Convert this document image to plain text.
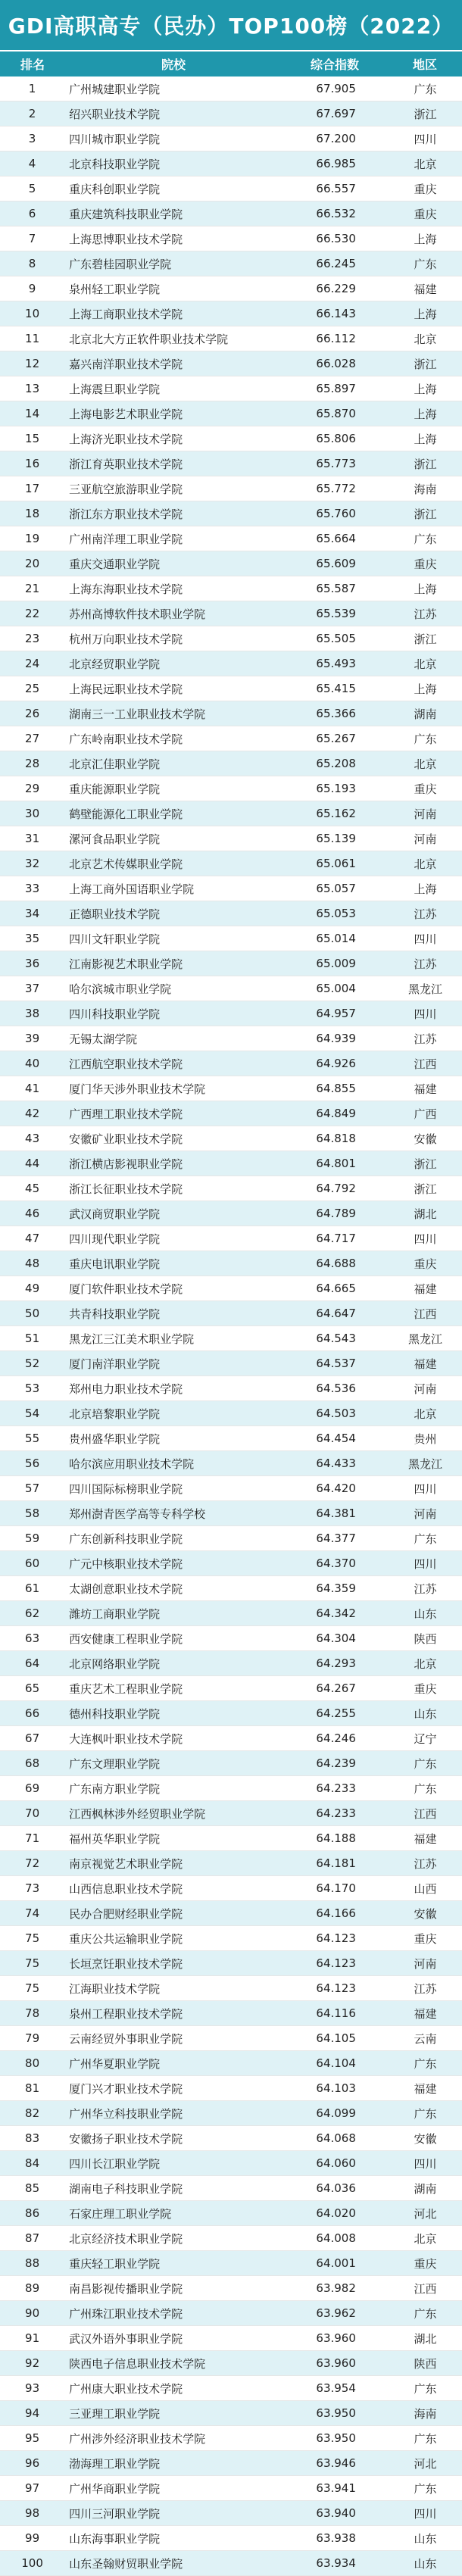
GDI高职高专（民办）TOP100榜（2022）
排名	院校	综合指数	地区
1	广州城建职业学院	67.905	广东
2	绍兴职业技术学院	67.697	浙江
3	四川城市职业学院	67.200	四川
4	北京科技职业学院	66.985	北京
5	重庆科创职业学院	66.557	重庆
6	重庆建筑科技职业学院	66.532	重庆
7	上海思博职业技术学院	66.530	上海
8	广东碧桂园职业学院	66.245	广东
9	泉州轻工职业学院	66.229	福建
10	上海工商职业技术学院	66.143	上海
11	北京北大方正软件职业技术学院	66.112	北京
12	嘉兴南洋职业技术学院	66.028	浙江
13	上海震旦职业学院	65.897	上海
14	上海电影艺术职业学院	65.870	上海
15	上海济光职业技术学院	65.806	上海
16	浙江育英职业技术学院	65.773	浙江
17	三亚航空旅游职业学院	65.772	海南
18	浙江东方职业技术学院	65.760	浙江
19	广州南洋理工职业学院	65.664	广东
20	重庆交通职业学院	65.609	重庆
21	上海东海职业技术学院	65.587	上海
22	苏州高博软件技术职业学院	65.539	江苏
23	杭州万向职业技术学院	65.505	浙江
24	北京经贸职业学院	65.493	北京
25	上海民远职业技术学院	65.415	上海
26	湖南三一工业职业技术学院	65.366	湖南
27	广东岭南职业技术学院	65.267	广东
28	北京汇佳职业学院	65.208	北京
29	重庆能源职业学院	65.193	重庆
30	鹤壁能源化工职业学院	65.162	河南
31	漯河食品职业学院	65.139	河南
32	北京艺术传媒职业学院	65.061	北京
33	上海工商外国语职业学院	65.057	上海
34	正德职业技术学院	65.053	江苏
35	四川文轩职业学院	65.014	四川
36	江南影视艺术职业学院	65.009	江苏
37	哈尔滨城市职业学院	65.004	黑龙江
38	四川科技职业学院	64.957	四川
39	无锡太湖学院	64.939	江苏
40	江西航空职业技术学院	64.926	江西
41	厦门华天涉外职业技术学院	64.855	福建
42	广西理工职业技术学院	64.849	广西
43	安徽矿业职业技术学院	64.818	安徽
44	浙江横店影视职业学院	64.801	浙江
45	浙江长征职业技术学院	64.792	浙江
46	武汉商贸职业学院	64.789	湖北
47	四川现代职业学院	64.717	四川
48	重庆电讯职业学院	64.688	重庆
49	厦门软件职业技术学院	64.665	福建
50	共青科技职业学院	64.647	江西
51	黑龙江三江美术职业学院	64.543	黑龙江
52	厦门南洋职业学院	64.537	福建
53	郑州电力职业技术学院	64.536	河南
54	北京培黎职业学院	64.503	北京
55	贵州盛华职业学院	64.454	贵州
56	哈尔滨应用职业技术学院	64.433	黑龙江
57	四川国际标榜职业学院	64.420	四川
58	郑州澍青医学高等专科学校	64.381	河南
59	广东创新科技职业学院	64.377	广东
60	广元中核职业技术学院	64.370	四川
61	太湖创意职业技术学院	64.359	江苏
62	潍坊工商职业学院	64.342	山东
63	西安健康工程职业学院	64.304	陕西
64	北京网络职业学院	64.293	北京
65	重庆艺术工程职业学院	64.267	重庆
66	德州科技职业学院	64.255	山东
67	大连枫叶职业技术学院	64.246	辽宁
68	广东文理职业学院	64.239	广东
69	广东南方职业学院	64.233	广东
70	江西枫林涉外经贸职业学院	64.233	江西
71	福州英华职业学院	64.188	福建
72	南京视觉艺术职业学院	64.181	江苏
73	山西信息职业技术学院	64.170	山西
74	民办合肥财经职业学院	64.166	安徽
75	重庆公共运输职业学院	64.123	重庆
75	长垣烹饪职业技术学院	64.123	河南
75	江海职业技术学院	64.123	江苏
78	泉州工程职业技术学院	64.116	福建
79	云南经贸外事职业学院	64.105	云南
80	广州华夏职业学院	64.104	广东
81	厦门兴才职业技术学院	64.103	福建
82	广州华立科技职业学院	64.099	广东
83	安徽扬子职业技术学院	64.068	安徽
84	四川长江职业学院	64.060	四川
85	湖南电子科技职业学院	64.036	湖南
86	石家庄理工职业学院	64.020	河北
87	北京经济技术职业学院	64.008	北京
88	重庆轻工职业学院	64.001	重庆
89	南昌影视传播职业学院	63.982	江西
90	广州珠江职业技术学院	63.962	广东
91	武汉外语外事职业学院	63.960	湖北
92	陕西电子信息职业技术学院	63.960	陕西
93	广州康大职业技术学院	63.954	广东
94	三亚理工职业学院	63.950	海南
95	广州涉外经济职业技术学院	63.950	广东
96	渤海理工职业学院	63.946	河北
97	广州华商职业学院	63.941	广东
98	四川三河职业学院	63.940	四川
99	山东海事职业学院	63.938	山东
100	山东圣翰财贸职业学院	63.934	山东
